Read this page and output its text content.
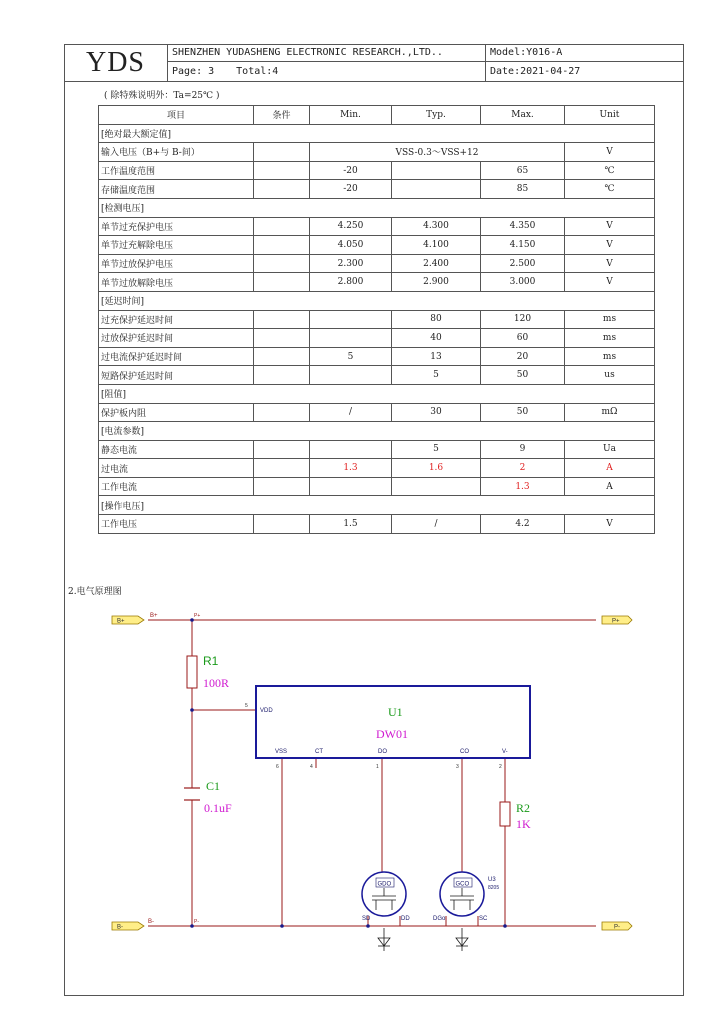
YDS	SHENZHEN YUDASHENG ELECTRONIC RESEARCH.,LTD..	Model:Y016-A
Page: 3 Total:4	Date:2021-04-27
( 除特殊说明外：Ta=25℃ )
项目	条件	Min.	Typ.	Max.	Unit
[绝对最大额定值]					
输入电压（B+与 B-间）		VSS-0.3～VSS+12			V
工作温度范围		-20		65	℃
存储温度范围		-20		85	℃
[检测电压]					
单节过充保护电压		4.250	4.300	4.350	V
单节过充解除电压		4.050	4.100	4.150	V
单节过放保护电压		2.300	2.400	2.500	V
单节过放解除电压		2.800	2.900	3.000	V
[延迟时间]					
过充保护延迟时间			80	120	ms
过放保护延迟时间			40	60	ms
过电流保护延迟时间		5	13	20	ms
短路保护延迟时间			5	50	us
[阻值]					
保护板内阻		/	30	50	mΩ
[电流参数]					
静态电流			5	9	Ua
过电流		1.3	1.6	2	A
工作电流				1.3	A
[操作电压]					
工作电压		1.5	/	4.2	V
2.电气原理图
B+
B+
P+
P+
B-
B-
P-
P-
R1
100R
C1
0.1uF
U1
DW01
VDD
5
VSS	CT	DO	CO	V-
6	4	1	3	2
R2
1K
GDO
SD	DD
GCO
DGo	SC
U3
8205
